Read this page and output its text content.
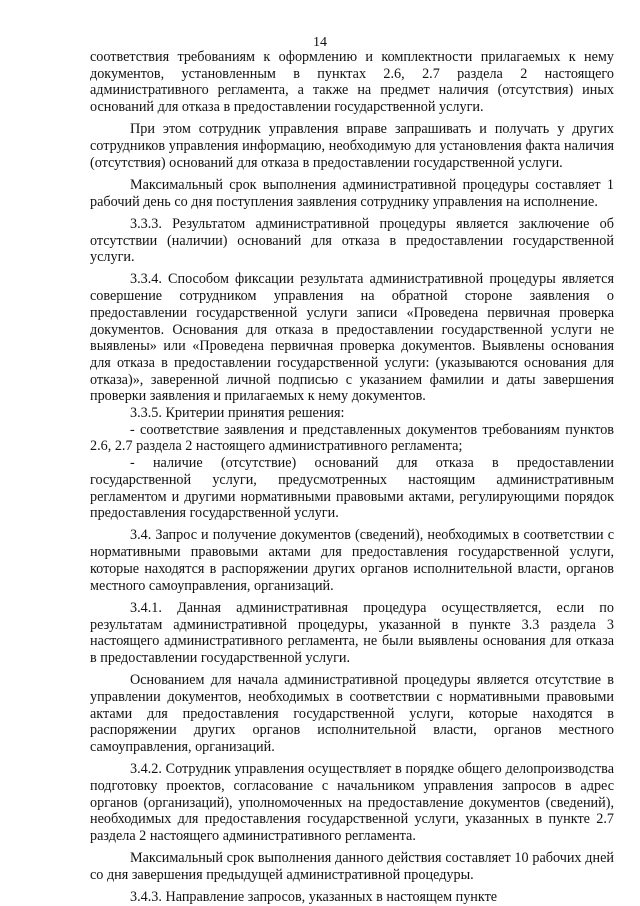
14

соответствия требованиям к оформлению и комплектности прилагаемых к нему документов, установленным в пунктах 2.6, 2.7 раздела 2 настоящего административного регламента, а также на предмет наличия (отсутствия) иных оснований для отказа в предоставлении государственной услуги.

При этом сотрудник управления вправе запрашивать и получать у других сотрудников управления информацию, необходимую для установления факта наличия (отсутствия) оснований для отказа в предоставлении государственной услуги.

Максимальный срок выполнения административной процедуры составляет 1 рабочий день со дня поступления заявления сотруднику управления на исполнение.

3.3.3. Результатом административной процедуры является заключение об отсутствии (наличии) оснований для отказа в предоставлении государственной услуги.

3.3.4. Способом фиксации результата административной процедуры является совершение сотрудником управления на обратной стороне заявления о предоставлении государственной услуги записи «Проведена первичная проверка документов. Основания для отказа в предоставлении государственной услуги не выявлены» или «Проведена первичная проверка документов. Выявлены основания для отказа в предоставлении государственной услуги: (указываются основания для отказа)», заверенной личной подписью с указанием фамилии и даты завершения проверки заявления и прилагаемых к нему документов.

3.3.5. Критерии принятия решения:

- соответствие заявления и представленных документов требованиям пунктов 2.6, 2.7 раздела 2 настоящего административного регламента;

- наличие (отсутствие) оснований для отказа в предоставлении государственной услуги, предусмотренных настоящим административным регламентом и другими нормативными правовыми актами, регулирующими порядок предоставления государственной услуги.

3.4. Запрос и получение документов (сведений), необходимых в соответствии с нормативными правовыми актами для предоставления государственной услуги, которые находятся в распоряжении других органов исполнительной власти, органов местного самоуправления, организаций.

3.4.1. Данная административная процедура осуществляется, если по результатам административной процедуры, указанной в пункте 3.3 раздела 3 настоящего административного регламента, не были выявлены основания для отказа в предоставлении государственной услуги.

Основанием для начала административной процедуры является отсутствие в управлении документов, необходимых в соответствии с нормативными правовыми актами для предоставления государственной услуги, которые находятся в распоряжении других органов исполнительной власти, органов местного самоуправления, организаций.

3.4.2. Сотрудник управления осуществляет в порядке общего делопроизводства подготовку проектов, согласование с начальником управления запросов в адрес органов (организаций), уполномоченных на предоставление документов (сведений), необходимых для предоставления государственной услуги, указанных в пункте 2.7 раздела 2 настоящего административного регламента.

Максимальный срок выполнения данного действия составляет 10 рабочих дней со дня завершения предыдущей административной процедуры.

3.4.3. Направление запросов, указанных в настоящем пункте
